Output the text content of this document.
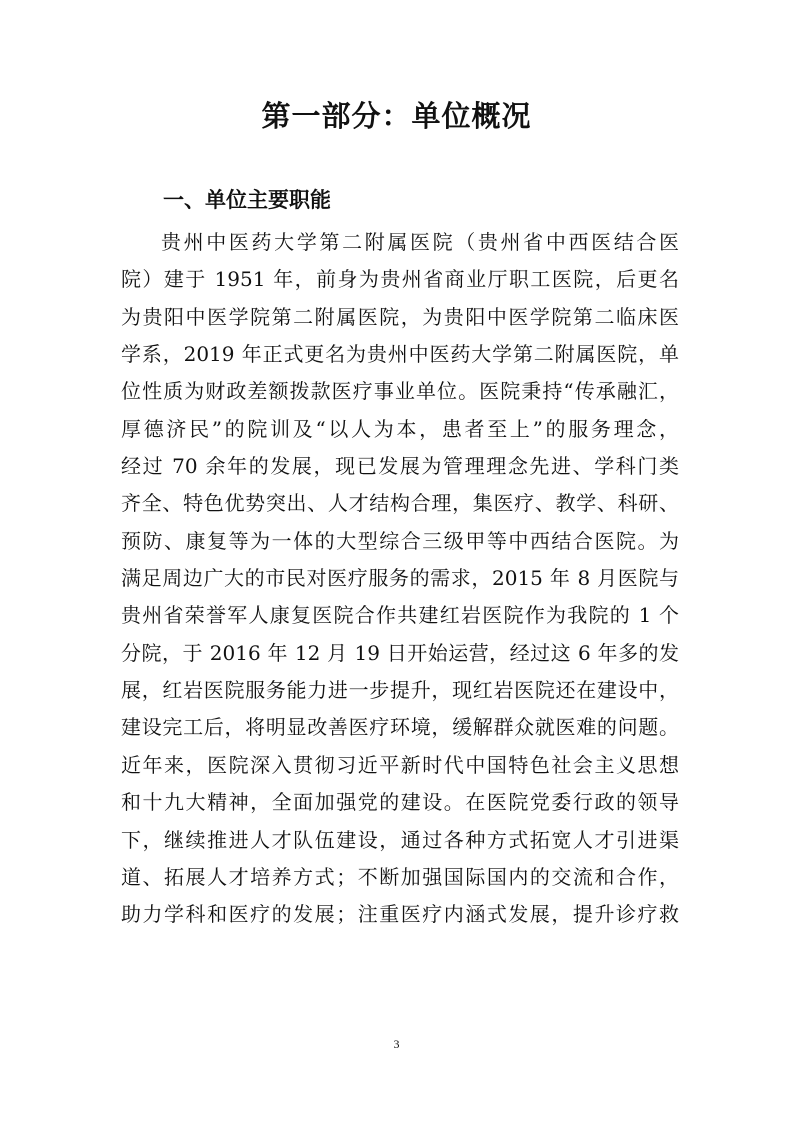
第一部分：单位概况
一、单位主要职能
贵州中医药大学第二附属医院（贵州省中西医结合医
院）建于 1951 年，前身为贵州省商业厅职工医院，后更名
为贵阳中医学院第二附属医院，为贵阳中医学院第二临床医
学系，2019 年正式更名为贵州中医药大学第二附属医院，单
位性质为财政差额拨款医疗事业单位。医院秉持“传承融汇，
厚德济民”的院训及“以人为本，患者至上”的服务理念，
经过 70 余年的发展，现已发展为管理理念先进、学科门类
齐全、特色优势突出、人才结构合理，集医疗、教学、科研、
预防、康复等为一体的大型综合三级甲等中西结合医院。为
满足周边广大的市民对医疗服务的需求，2015 年 8 月医院与
贵州省荣誉军人康复医院合作共建红岩医院作为我院的 1 个
分院，于 2016 年 12 月 19 日开始运营，经过这 6 年多的发
展，红岩医院服务能力进一步提升，现红岩医院还在建设中，
建设完工后，将明显改善医疗环境，缓解群众就医难的问题。
近年来，医院深入贯彻习近平新时代中国特色社会主义思想
和十九大精神，全面加强党的建设。在医院党委行政的领导
下，继续推进人才队伍建设，通过各种方式拓宽人才引进渠
道、拓展人才培养方式；不断加强国际国内的交流和合作，
助力学科和医疗的发展；注重医疗内涵式发展，提升诊疗救
3
